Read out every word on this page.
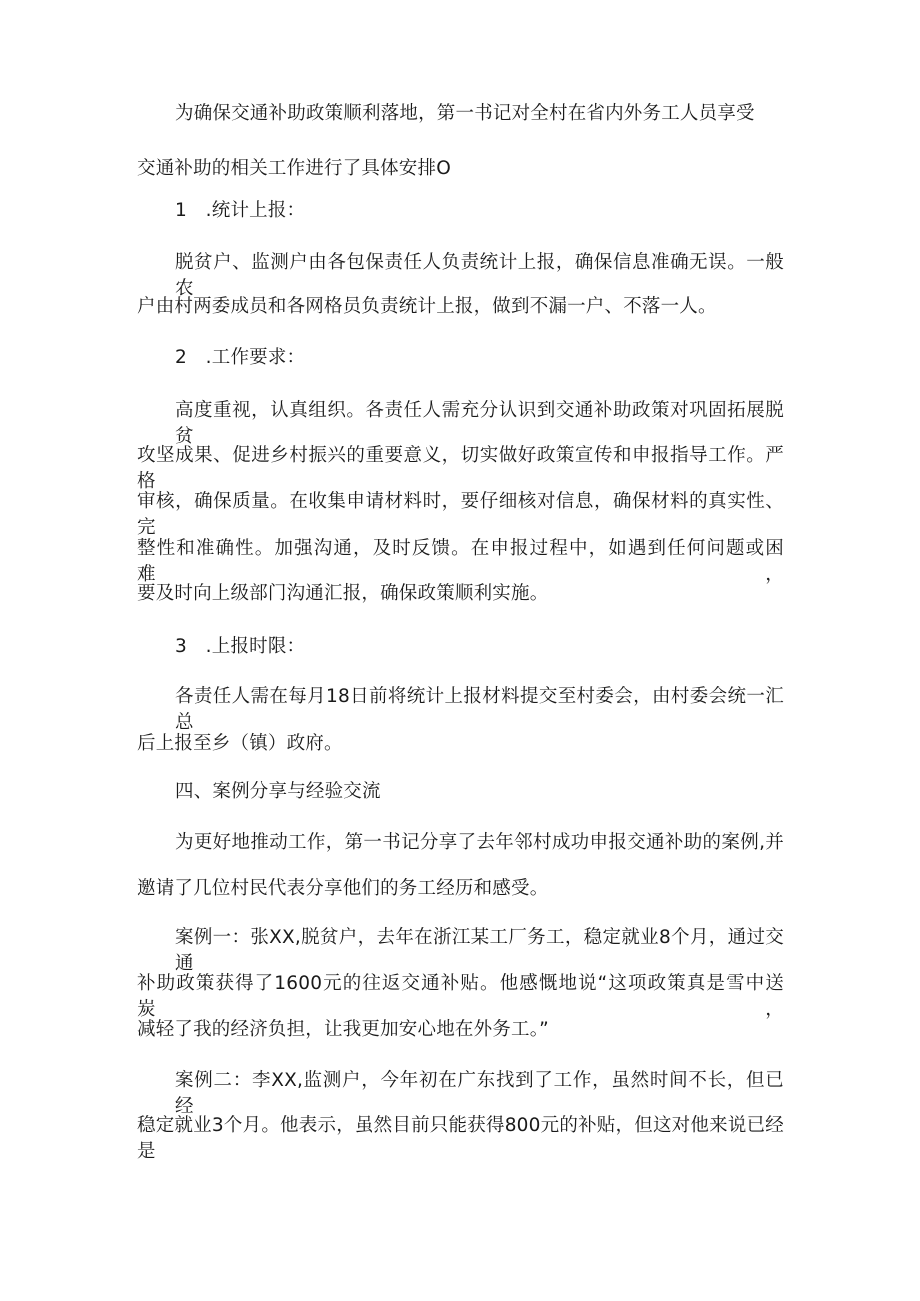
为确保交通补助政策顺利落地，第一书记对全村在省内外务工人员享受
交通补助的相关工作进行了具体安排O
1　.统计上报：
脱贫户、监测户由各包保责任人负责统计上报，确保信息准确无误。一般农
户由村两委成员和各网格员负责统计上报，做到不漏一户、不落一人。
2　.工作要求：
高度重视，认真组织。各责任人需充分认识到交通补助政策对巩固拓展脱贫
攻坚成果、促进乡村振兴的重要意义，切实做好政策宣传和申报指导工作。严格
审核，确保质量。在收集申请材料时，要仔细核对信息，确保材料的真实性、完
整性和准确性。加强沟通，及时反馈。在申报过程中，如遇到任何问题或困难，
要及时向上级部门沟通汇报，确保政策顺利实施。
3　.上报时限：
各责任人需在每月18日前将统计上报材料提交至村委会，由村委会统一汇总
后上报至乡（镇）政府。
四、案例分享与经验交流
为更好地推动工作，第一书记分享了去年邻村成功申报交通补助的案例,并
邀请了几位村民代表分享他们的务工经历和感受。
案例一：张XX,脱贫户，去年在浙江某工厂务工，稳定就业8个月，通过交通
补助政策获得了1600元的往返交通补贴。他感慨地说“这项政策真是雪中送炭，
减轻了我的经济负担，让我更加安心地在外务工。”
案例二：李XX,监测户，今年初在广东找到了工作，虽然时间不长，但已经
稳定就业3个月。他表示，虽然目前只能获得800元的补贴，但这对他来说已经是
